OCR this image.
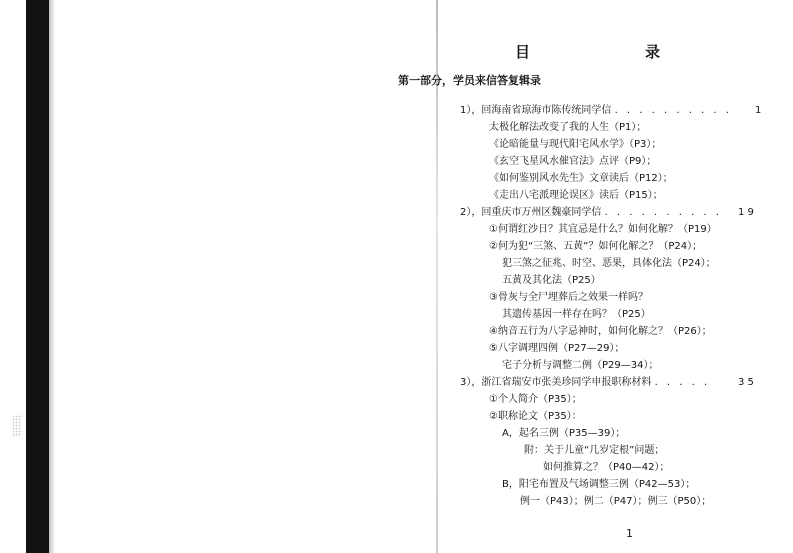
目	录
第一部分，学员来信答复辑录
1），回海南省琼海市陈传统同学信 . . . . . . . . . . 1
太极化解法改变了我的人生（P1）；
《论暗能量与现代阳宅风水学》（P3）；
《玄空飞星风水催官法》点评（P9）；
《如何鉴别风水先生》文章读后（P12）；
《走出八宅派理论误区》读后（P15）；
2），回重庆市万州区魏豪同学信 . . . . . . . . . . 1 9
①何谓红沙日？其宜忌是什么？如何化解？（P19）
②何为犯“三煞、五黄”？如何化解之？（P24）；
犯三煞之征兆、时空、恶果，具体化法（P24）；
五黄及其化法（P25）
③骨灰与全尸埋葬后之效果一样吗？
其遗传基因一样存在吗？（P25）
④纳音五行为八字忌神时，如何化解之？（P26）；
⑤八字调理四例（P27—29）；
宅子分析与调整二例（P29—34）；
3），浙江省瑞安市张美珍同学申报职称材料 . . . . .	3 5
①个人简介（P35）；
②职称论文（P35）：
A，起名三例（P35—39）；
附：关于儿童“几岁定根”问题；
如何推算之？（P40—42）；
B，阳宅布置及气场调整三例（P42—53）；
例一（P43）；例二（P47）；例三（P50）；
1
